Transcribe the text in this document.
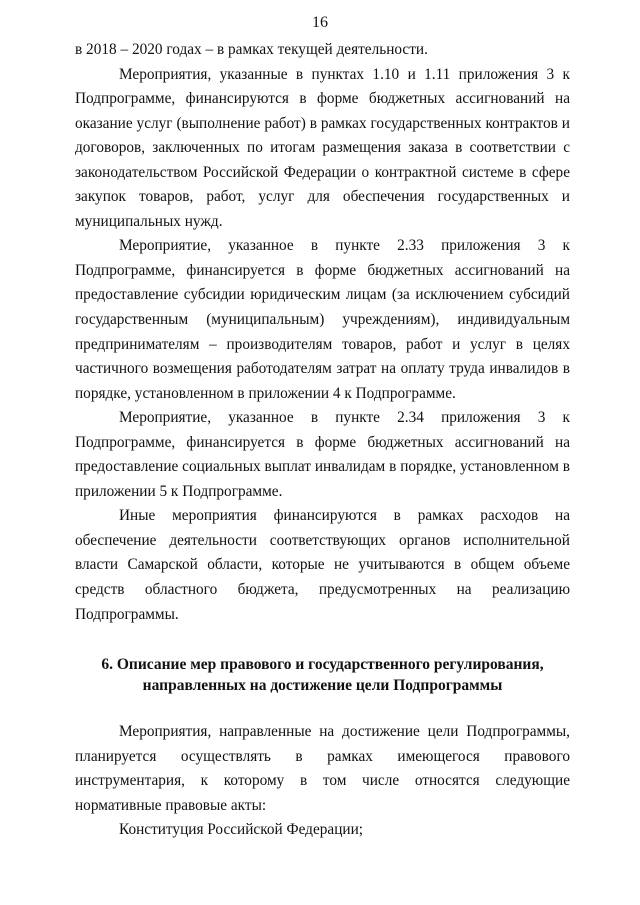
16

в 2018 – 2020 годах – в рамках текущей деятельности.

Мероприятия, указанные в пунктах 1.10 и 1.11 приложения 3 к Подпрограмме, финансируются в форме бюджетных ассигнований на оказание услуг (выполнение работ) в рамках государственных контрактов и договоров, заключенных по итогам размещения заказа в соответствии с законодательством Российской Федерации о контрактной системе в сфере закупок товаров, работ, услуг для обеспечения государственных и муниципальных нужд.

Мероприятие, указанное в пункте 2.33 приложения 3 к Подпрограмме, финансируется в форме бюджетных ассигнований на предоставление субсидии юридическим лицам (за исключением субсидий государственным (муниципальным) учреждениям), индивидуальным предпринимателям – производителям товаров, работ и услуг в целях частичного возмещения работодателям затрат на оплату труда инвалидов в порядке, установленном в приложении 4 к Подпрограмме.

Мероприятие, указанное в пункте 2.34 приложения 3 к Подпрограмме, финансируется в форме бюджетных ассигнований на предоставление социальных выплат инвалидам в порядке, установленном в приложении 5 к Подпрограмме.

Иные мероприятия финансируются в рамках расходов на обеспечение деятельности соответствующих органов исполнительной власти Самарской области, которые не учитываются в общем объеме средств областного бюджета, предусмотренных на реализацию Подпрограммы.

6. Описание мер правового и государственного регулирования,
направленных на достижение цели Подпрограммы

Мероприятия, направленные на достижение цели Подпрограммы, планируется осуществлять в рамках имеющегося правового инструментария, к которому в том числе относятся следующие нормативные правовые акты:

Конституция Российской Федерации;
